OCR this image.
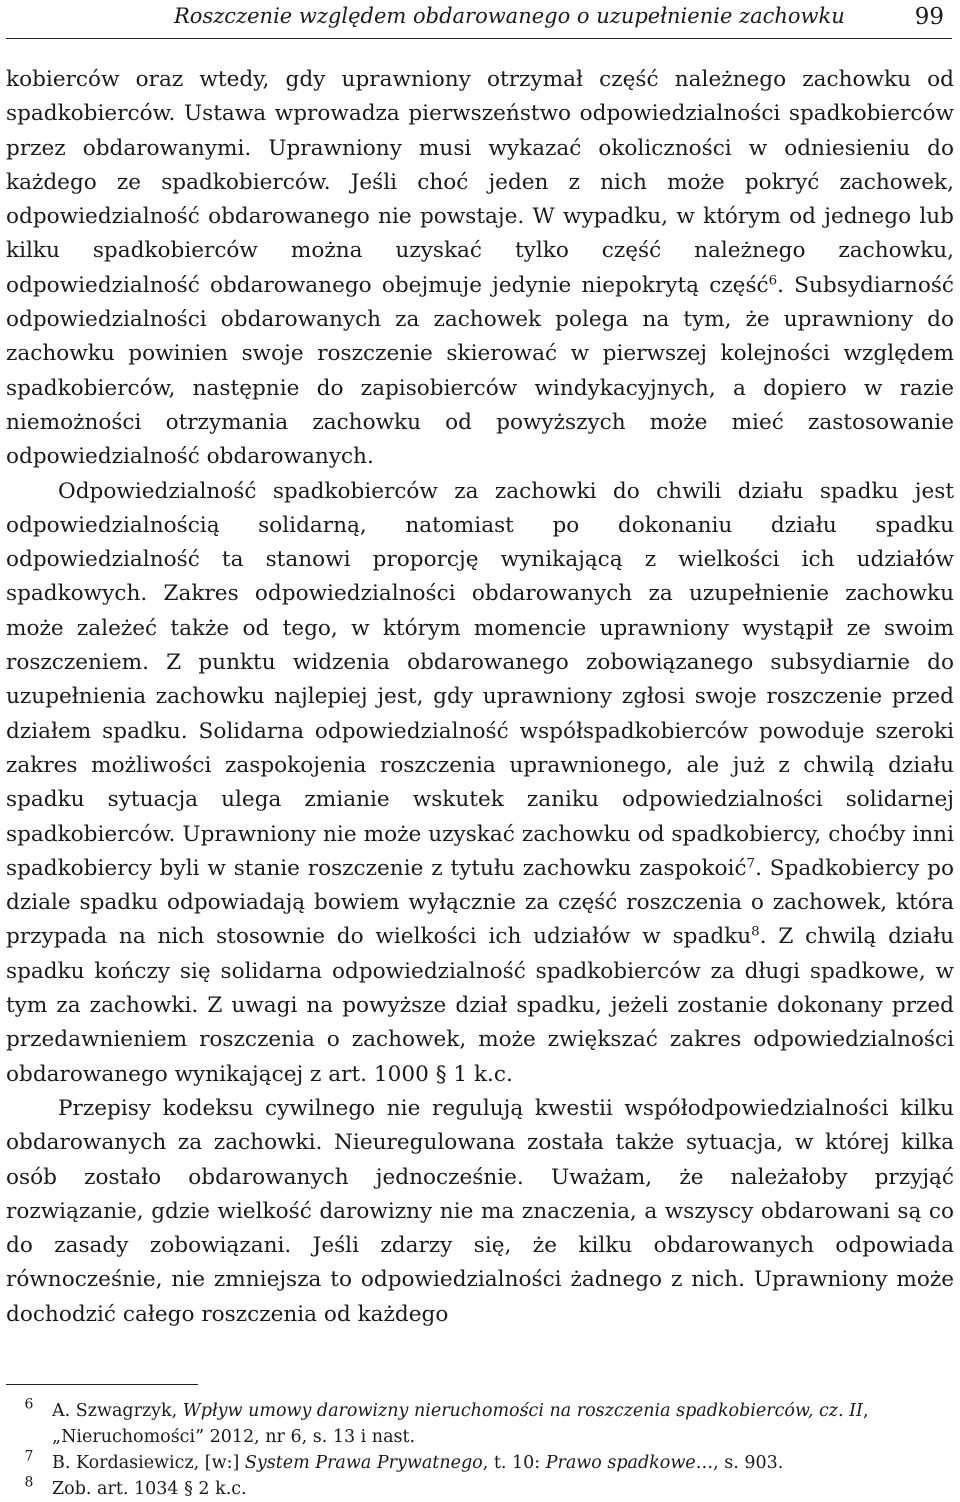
Roszczenie względem obdarowanego o uzupełnienie zachowku	99

kobierców oraz wtedy, gdy uprawniony otrzymał część należnego zachowku od spadkobierców. Ustawa wprowadza pierwszeństwo odpowiedzialności spadkobierców przez obdarowanymi. Uprawniony musi wykazać okoliczności w odniesieniu do każdego ze spadkobierców. Jeśli choć jeden z nich może pokryć zachowek, odpowiedzialność obdarowanego nie powstaje. W wypadku, w którym od jednego lub kilku spadkobierców można uzyskać tylko część należnego zachowku, odpowiedzialność obdarowanego obejmuje jedynie niepokrytą część$^6$. Subsydiarność odpowiedzialności obdarowanych za zachowek polega na tym, że uprawniony do zachowku powinien swoje roszczenie skierować w pierwszej kolejności względem spadkobierców, następnie do zapisobierców windykacyjnych, a dopiero w razie niemożności otrzymania zachowku od powyższych może mieć zastosowanie odpowiedzialność obdarowanych.

Odpowiedzialność spadkobierców za zachowki do chwili działu spadku jest odpowiedzialnością solidarną, natomiast po dokonaniu działu spadku odpowiedzialność ta stanowi proporcję wynikającą z wielkości ich udziałów spadkowych. Zakres odpowiedzialności obdarowanych za uzupełnienie zachowku może zależeć także od tego, w którym momencie uprawniony wystąpił ze swoim roszczeniem. Z punktu widzenia obdarowanego zobowiązanego subsydiarnie do uzupełnienia zachowku najlepiej jest, gdy uprawniony zgłosi swoje roszczenie przed działem spadku. Solidarna odpowiedzialność współspadkobierców powoduje szeroki zakres możliwości zaspokojenia roszczenia uprawnionego, ale już z chwilą działu spadku sytuacja ulega zmianie wskutek zaniku odpowiedzialności solidarnej spadkobierców. Uprawniony nie może uzyskać zachowku od spadkobiercy, choćby inni spadkobiercy byli w stanie roszczenie z tytułu zachowku zaspokoić$^7$. Spadkobiercy po dziale spadku odpowiadają bowiem wyłącznie za część roszczenia o zachowek, która przypada na nich stosownie do wielkości ich udziałów w spadku$^8$. Z chwilą działu spadku kończy się solidarna odpowiedzialność spadkobierców za długi spadkowe, w tym za zachowki. Z uwagi na powyższe dział spadku, jeżeli zostanie dokonany przed przedawnieniem roszczenia o zachowek, może zwiększać zakres odpowiedzialności obdarowanego wynikającej z art. 1000 § 1 k.c.

Przepisy kodeksu cywilnego nie regulują kwestii współodpowiedzialności kilku obdarowanych za zachowki. Nieuregulowana została także sytuacja, w której kilka osób zostało obdarowanych jednocześnie. Uważam, że należałoby przyjąć rozwiązanie, gdzie wielkość darowizny nie ma znaczenia, a wszyscy obdarowani są co do zasady zobowiązani. Jeśli zdarzy się, że kilku obdarowanych odpowiada równocześnie, nie zmniejsza to odpowiedzialności żadnego z nich. Uprawniony może dochodzić całego roszczenia od każdego

$^6$ A. Szwagrzyk, Wpływ umowy darowizny nieruchomości na roszczenia spadkobierców, cz. II, „Nieruchomości” 2012, nr 6, s. 13 i nast.

$^7$ B. Kordasiewicz, [w:] System Prawa Prywatnego, t. 10: Prawo spadkowe…, s. 903.

$^8$ Zob. art. 1034 § 2 k.c.
